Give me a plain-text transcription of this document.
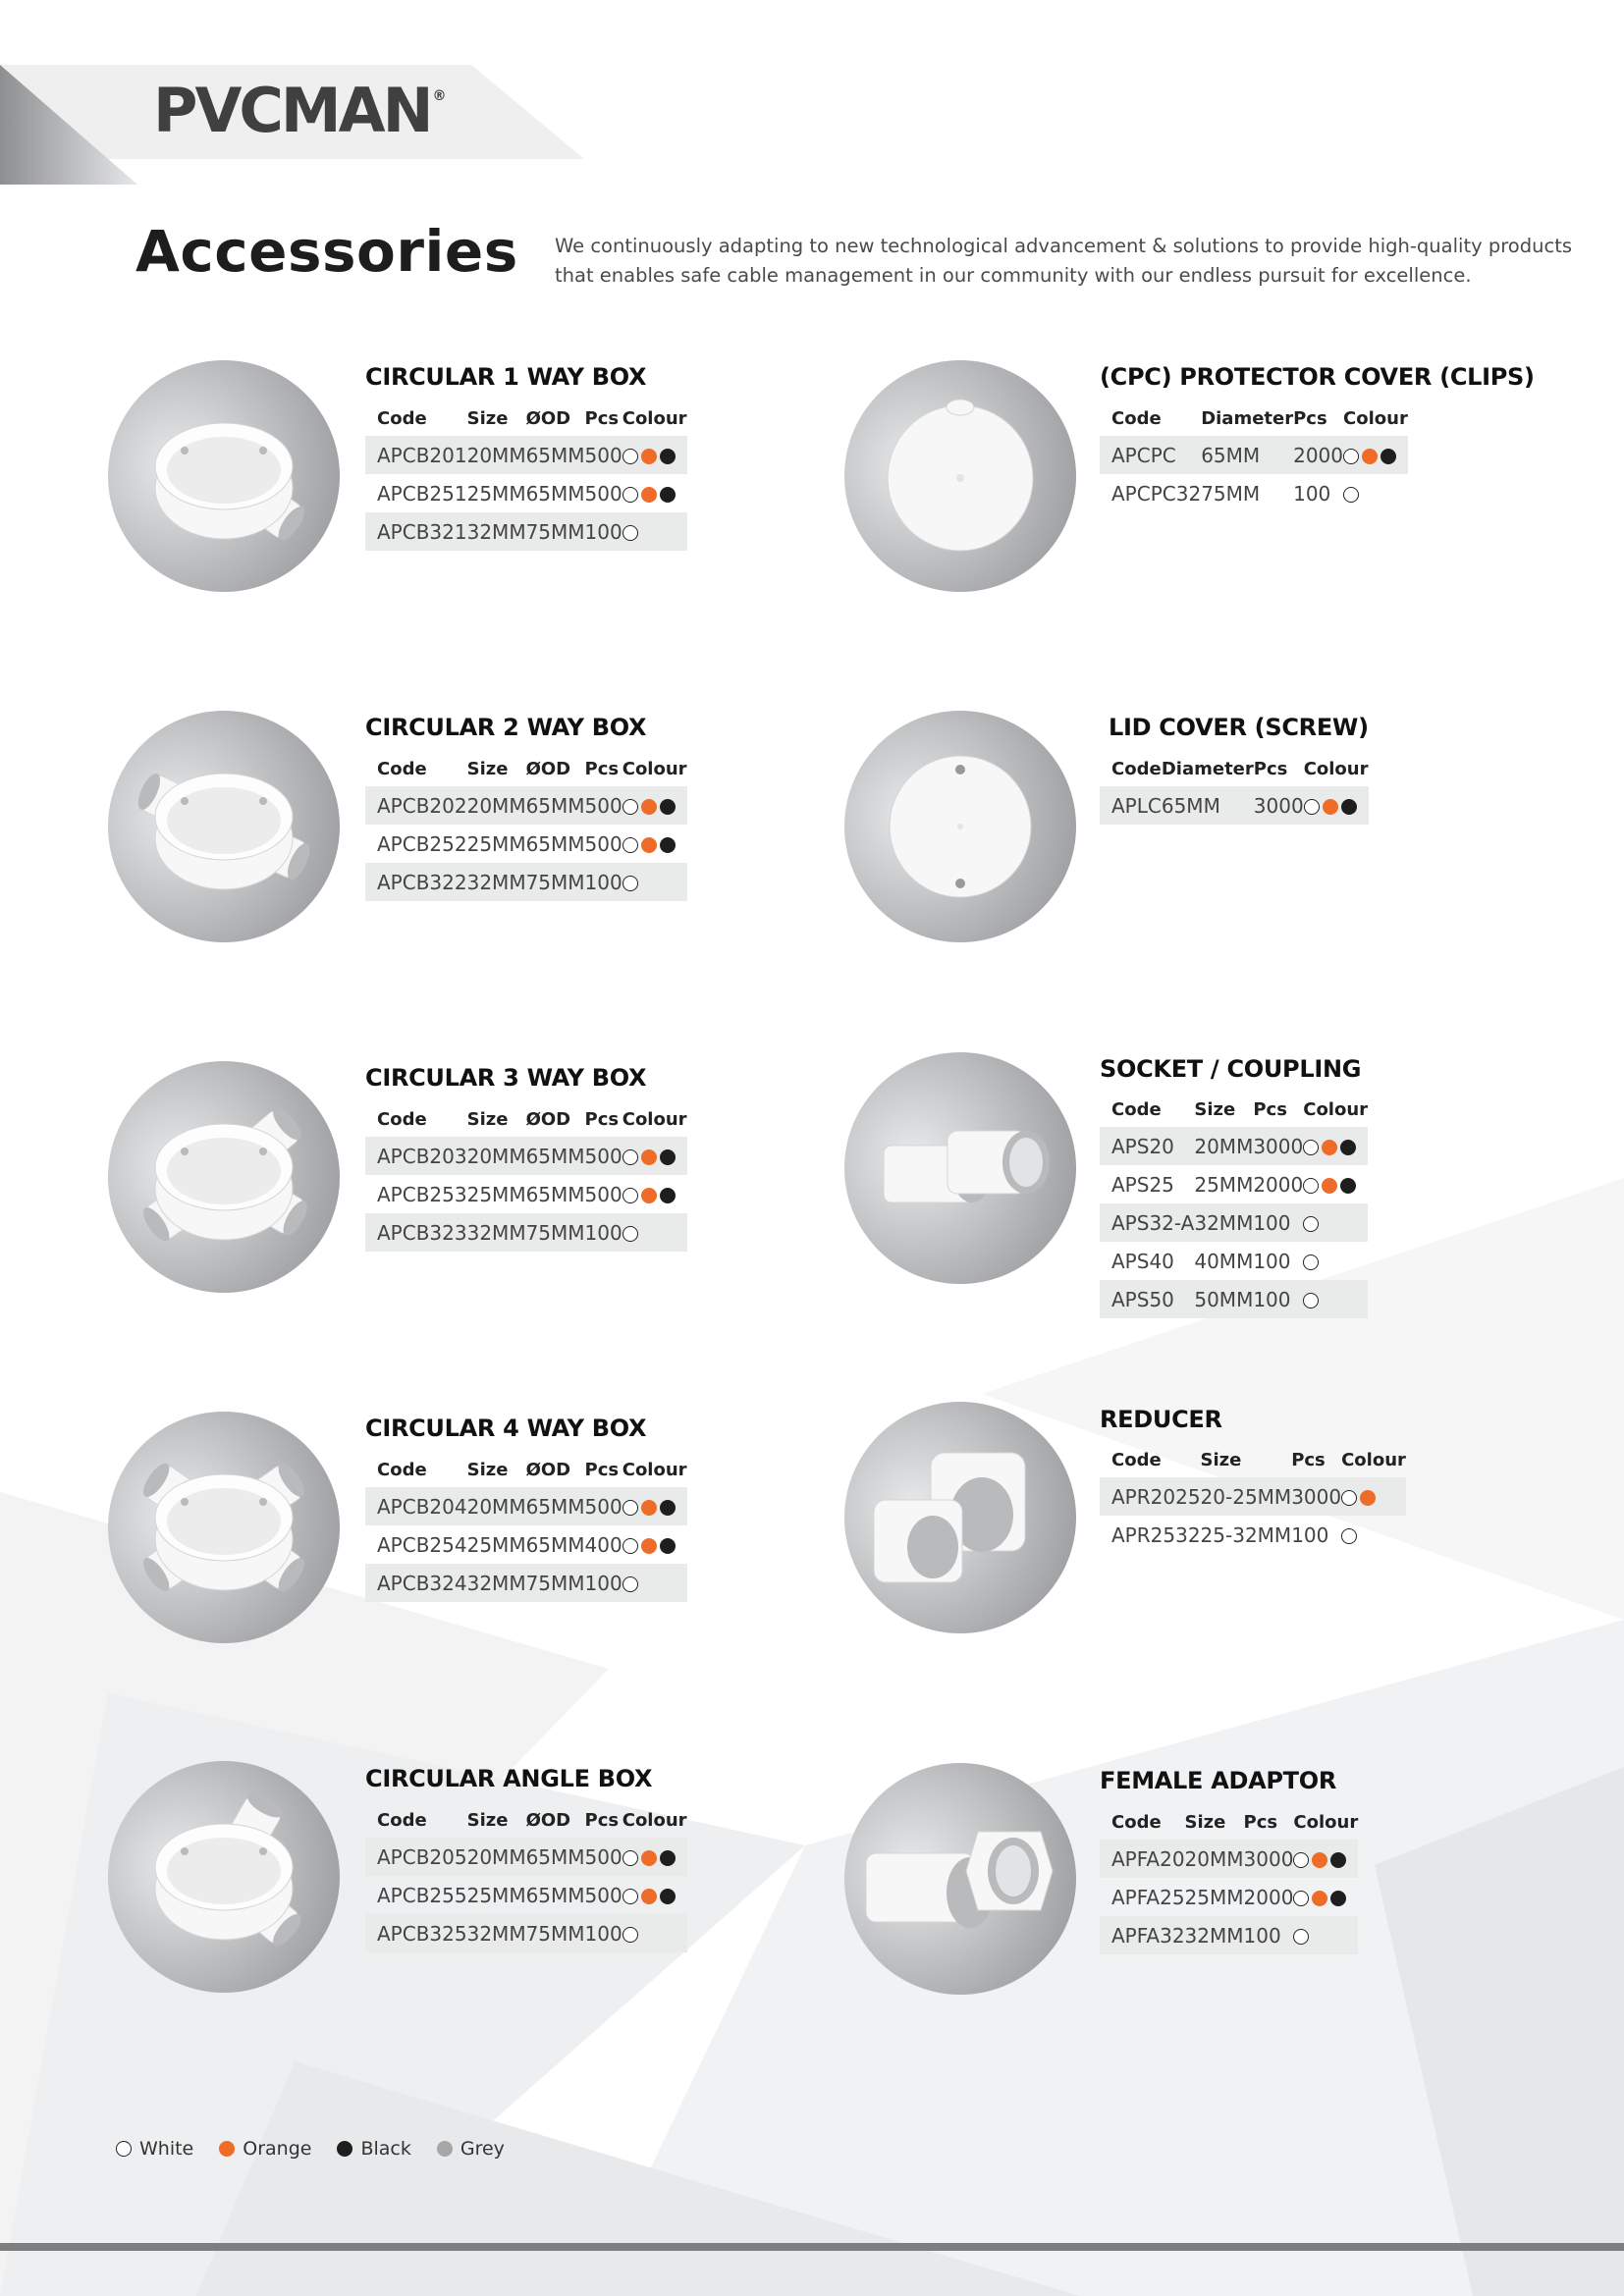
PVCMAN ®
Accessories We continuously adapting to new technological advancement & solutions to provide high-quality products that enables safe cable management in our community with our endless pursuit for excellence.

CIRCULAR 1 WAY BOX
Code	Size	ØOD	Pcs	Colour
APCB201	20MM	65MM	500	

APCB251	25MM	65MM	500	

APCB321	32MM	75MM	100	
(CPC) PROTECTOR COVER (CLIPS)
Code	Diameter	Pcs	Colour
APCPC	65MM	2000	

APCPC32	75MM	100	
CIRCULAR 2 WAY BOX
Code	Size	ØOD	Pcs	Colour
APCB202	20MM	65MM	500	

APCB252	25MM	65MM	500	

APCB322	32MM	75MM	100	
LID COVER (SCREW)
Code	Diameter	Pcs	Colour
APLC	65MM	3000	
CIRCULAR 3 WAY BOX
Code	Size	ØOD	Pcs	Colour
APCB203	20MM	65MM	500	

APCB253	25MM	65MM	500	

APCB323	32MM	75MM	100	
SOCKET / COUPLING
Code	Size	Pcs	Colour
APS20	20MM	3000	

APS25	25MM	2000	

APS32-A	32MM	100	

APS40	40MM	100	

APS50	50MM	100	
CIRCULAR 4 WAY BOX
Code	Size	ØOD	Pcs	Colour
APCB204	20MM	65MM	500	

APCB254	25MM	65MM	400	

APCB324	32MM	75MM	100	
REDUCER
Code	Size	Pcs	Colour
APR2025	20-25MM	3000	

APR2532	25-32MM	100	
CIRCULAR ANGLE BOX
Code	Size	ØOD	Pcs	Colour
APCB205	20MM	65MM	500	

APCB255	25MM	65MM	500	

APCB325	32MM	75MM	100	
FEMALE ADAPTOR
Code	Size	Pcs	Colour
APFA20	20MM	3000	

APFA25	25MM	2000	

APFA32	32MM	100	
White	Orange	Black	Grey
